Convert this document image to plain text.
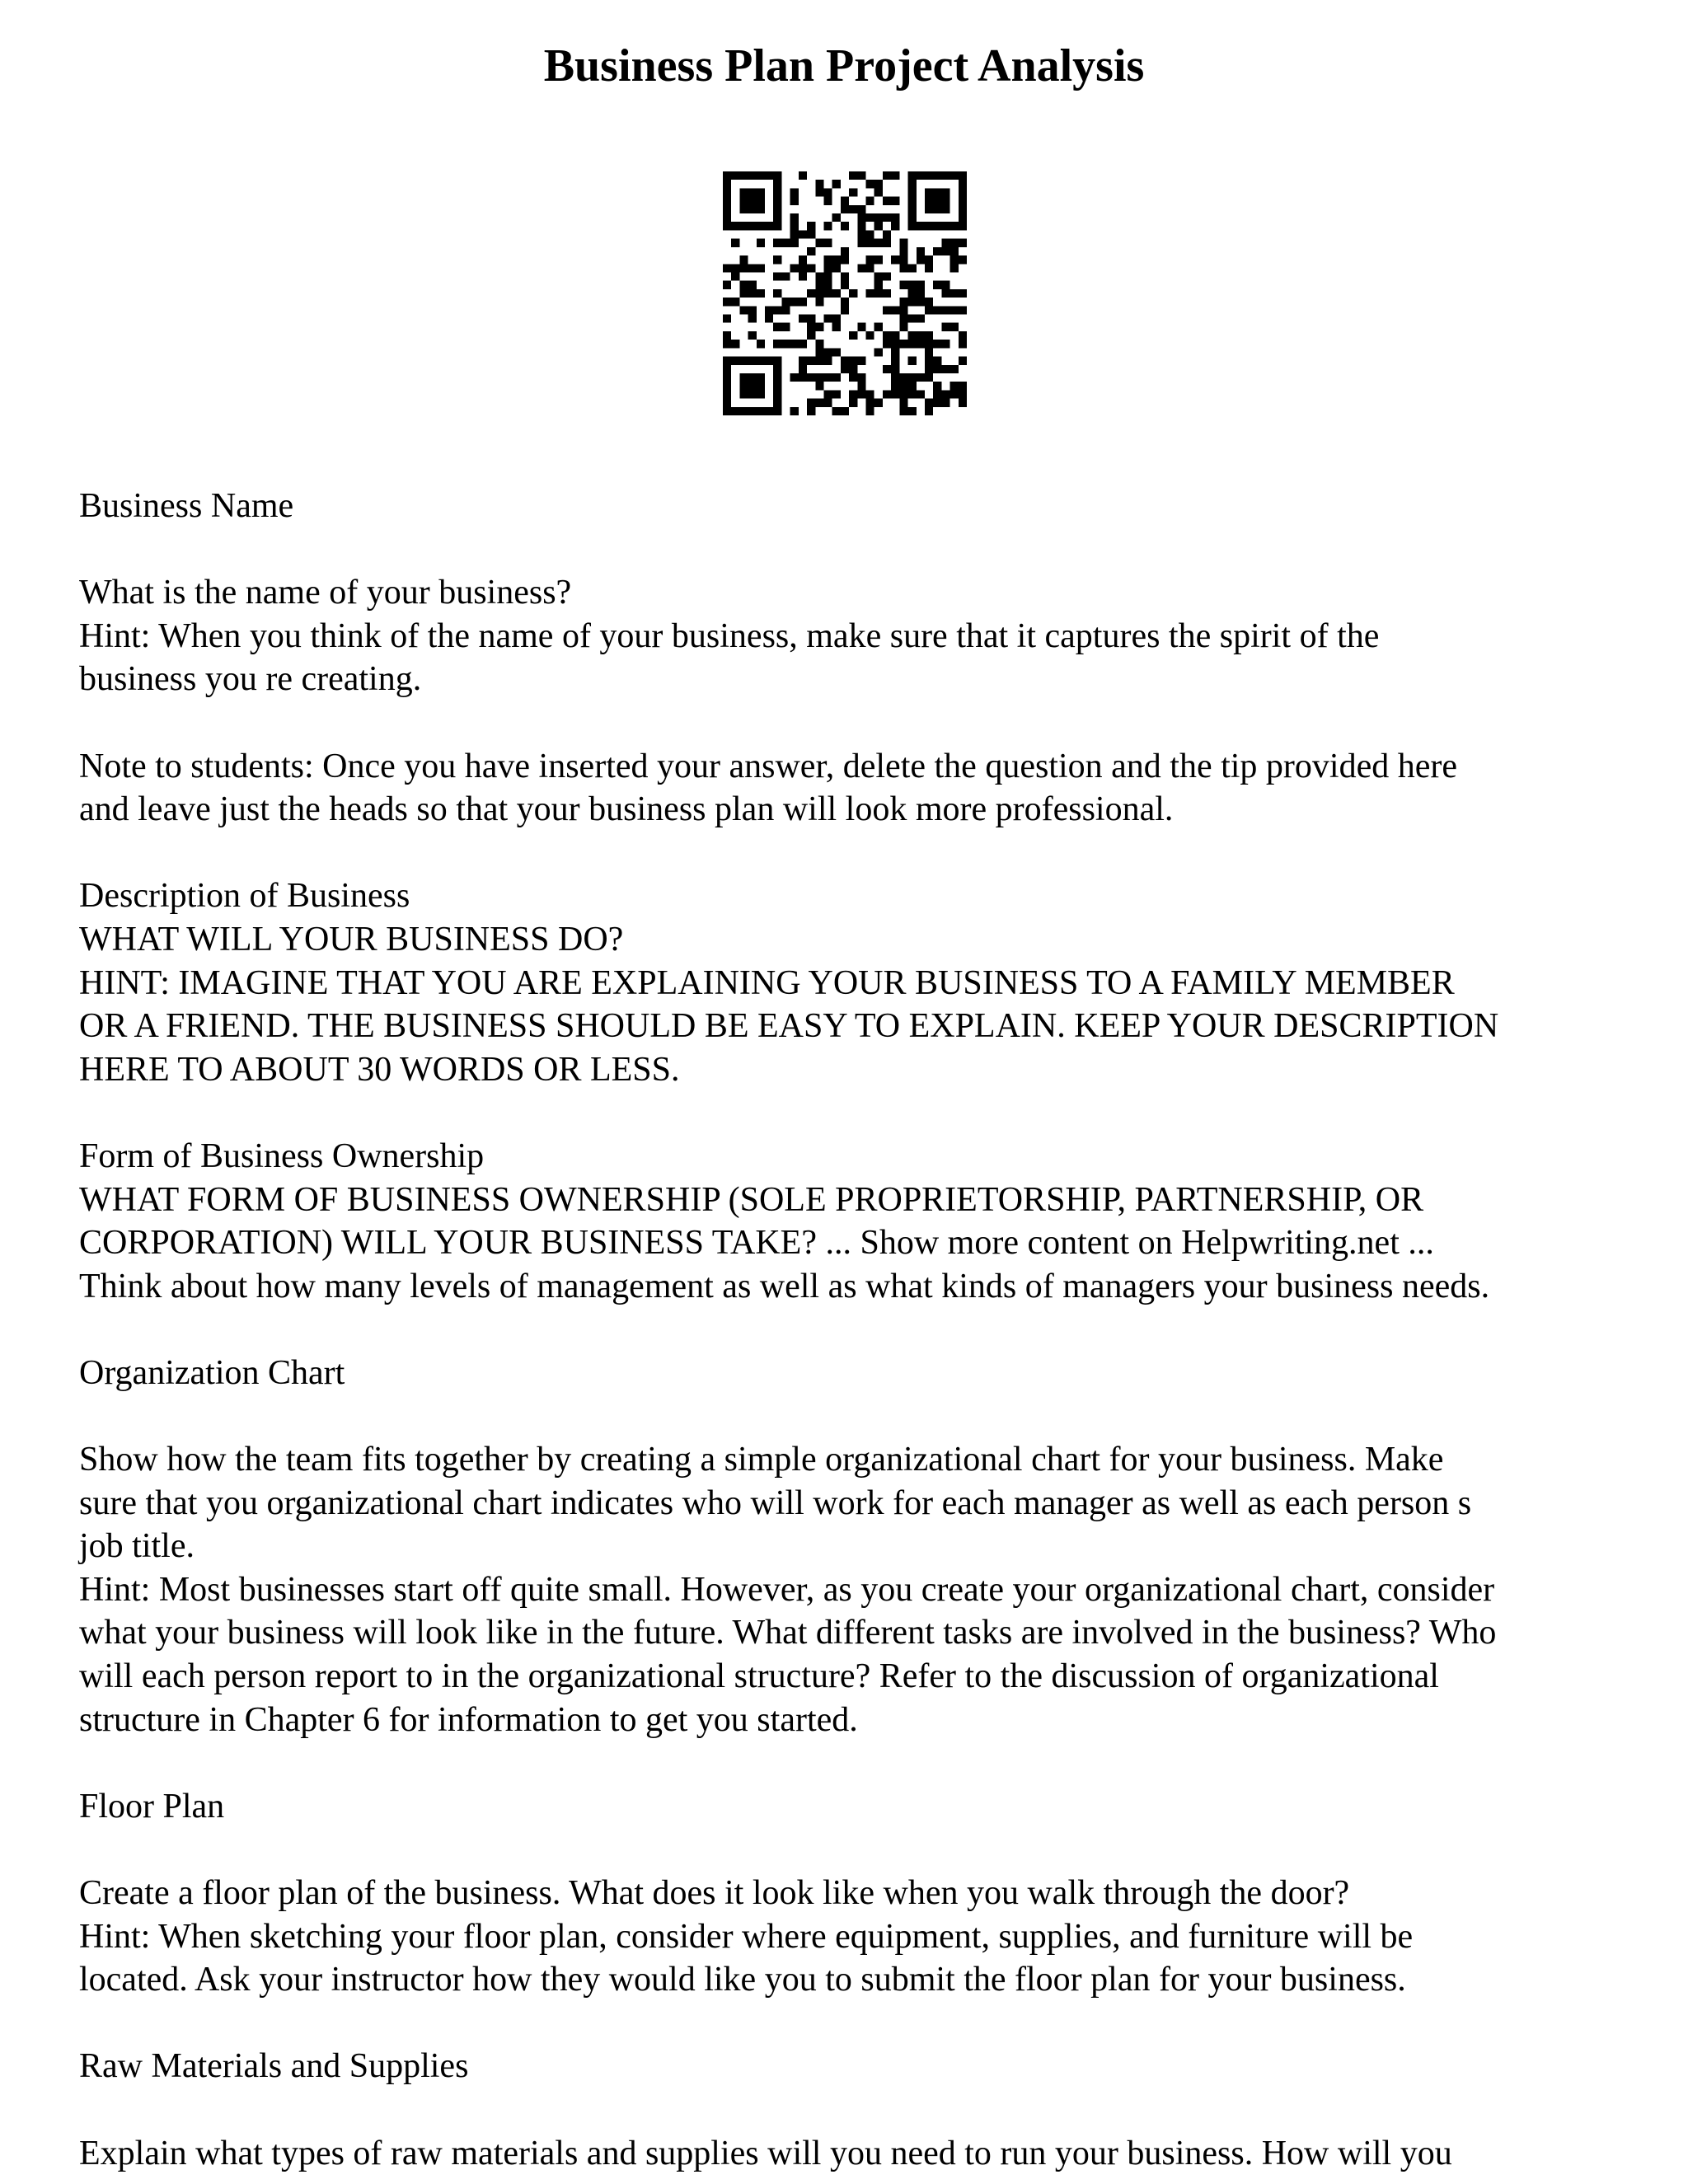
Business Plan Project Analysis
Business Name
What is the name of your business?
Hint: When you think of the name of your business, make sure that it captures the spirit of the
business you re creating.
Note to students: Once you have inserted your answer, delete the question and the tip provided here
and leave just the heads so that your business plan will look more professional.
Description of Business
WHAT WILL YOUR BUSINESS DO?
HINT: IMAGINE THAT YOU ARE EXPLAINING YOUR BUSINESS TO A FAMILY MEMBER
OR A FRIEND. THE BUSINESS SHOULD BE EASY TO EXPLAIN. KEEP YOUR DESCRIPTION
HERE TO ABOUT 30 WORDS OR LESS.
Form of Business Ownership
WHAT FORM OF BUSINESS OWNERSHIP (SOLE PROPRIETORSHIP, PARTNERSHIP, OR
CORPORATION) WILL YOUR BUSINESS TAKE? ... Show more content on Helpwriting.net ...
Think about how many levels of management as well as what kinds of managers your business needs.
Organization Chart
Show how the team fits together by creating a simple organizational chart for your business. Make
sure that you organizational chart indicates who will work for each manager as well as each person s
job title.
Hint: Most businesses start off quite small. However, as you create your organizational chart, consider
what your business will look like in the future. What different tasks are involved in the business? Who
will each person report to in the organizational structure? Refer to the discussion of organizational
structure in Chapter 6 for information to get you started.
Floor Plan
Create a floor plan of the business. What does it look like when you walk through the door?
Hint: When sketching your floor plan, consider where equipment, supplies, and furniture will be
located. Ask your instructor how they would like you to submit the floor plan for your business.
Raw Materials and Supplies
Explain what types of raw materials and supplies will you need to run your business. How will you
